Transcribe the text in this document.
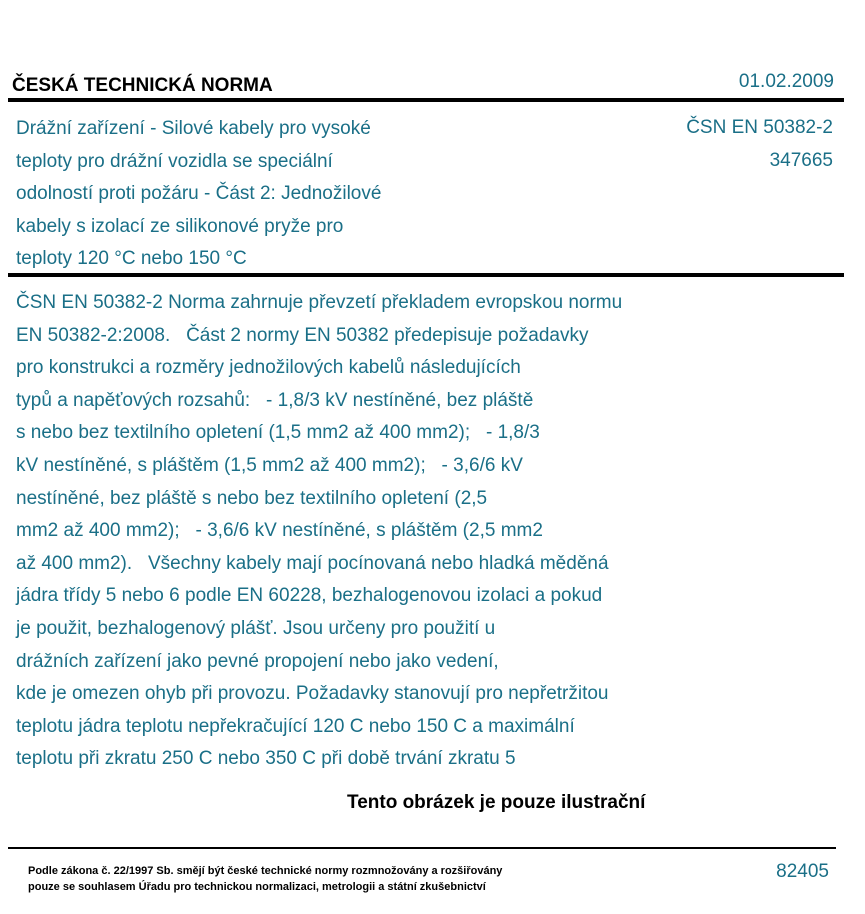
ČESKÁ TECHNICKÁ NORMA	01.02.2009
Drážní zařízení - Silové kabely pro vysoké
teploty pro drážní vozidla se speciální
odolností proti požáru - Část 2: Jednožilové
kabely s izolací ze silikonové pryže pro
teploty 120 °C nebo 150 °C
ČSN EN 50382-2
347665
ČSN EN 50382-2 Norma zahrnuje převzetí překladem evropskou normu
EN 50382-2:2008.   Část 2 normy EN 50382 předepisuje požadavky
pro konstrukci a rozměry jednožilových kabelů následujících
typů a napěťových rozsahů:   - 1,8/3 kV nestíněné, bez pláště
s nebo bez textilního opletení (1,5 mm2 až 400 mm2);   - 1,8/3
kV nestíněné, s pláštěm (1,5 mm2 až 400 mm2);   - 3,6/6 kV
nestíněné, bez pláště s nebo bez textilního opletení (2,5
mm2 až 400 mm2);   - 3,6/6 kV nestíněné, s pláštěm (2,5 mm2
až 400 mm2).   Všechny kabely mají pocínovaná nebo hladká měděná
jádra třídy 5 nebo 6 podle EN 60228, bezhalogenovou izolaci a pokud
je použit, bezhalogenový plášť. Jsou určeny pro použití u
drážních zařízení jako pevné propojení nebo jako vedení,
kde je omezen ohyb při provozu. Požadavky stanovují pro nepřetržitou
teplotu jádra teplotu nepřekračující 120 C nebo 150 C a maximální
teplotu při zkratu 250 C nebo 350 C při době trvání zkratu 5
Tento obrázek je pouze ilustrační
Podle zákona č. 22/1997 Sb. smějí být české technické normy rozmnožovány a rozšiřovány
pouze se souhlasem Úřadu pro technickou normalizaci, metrologii a státní zkušebnictví
82405
